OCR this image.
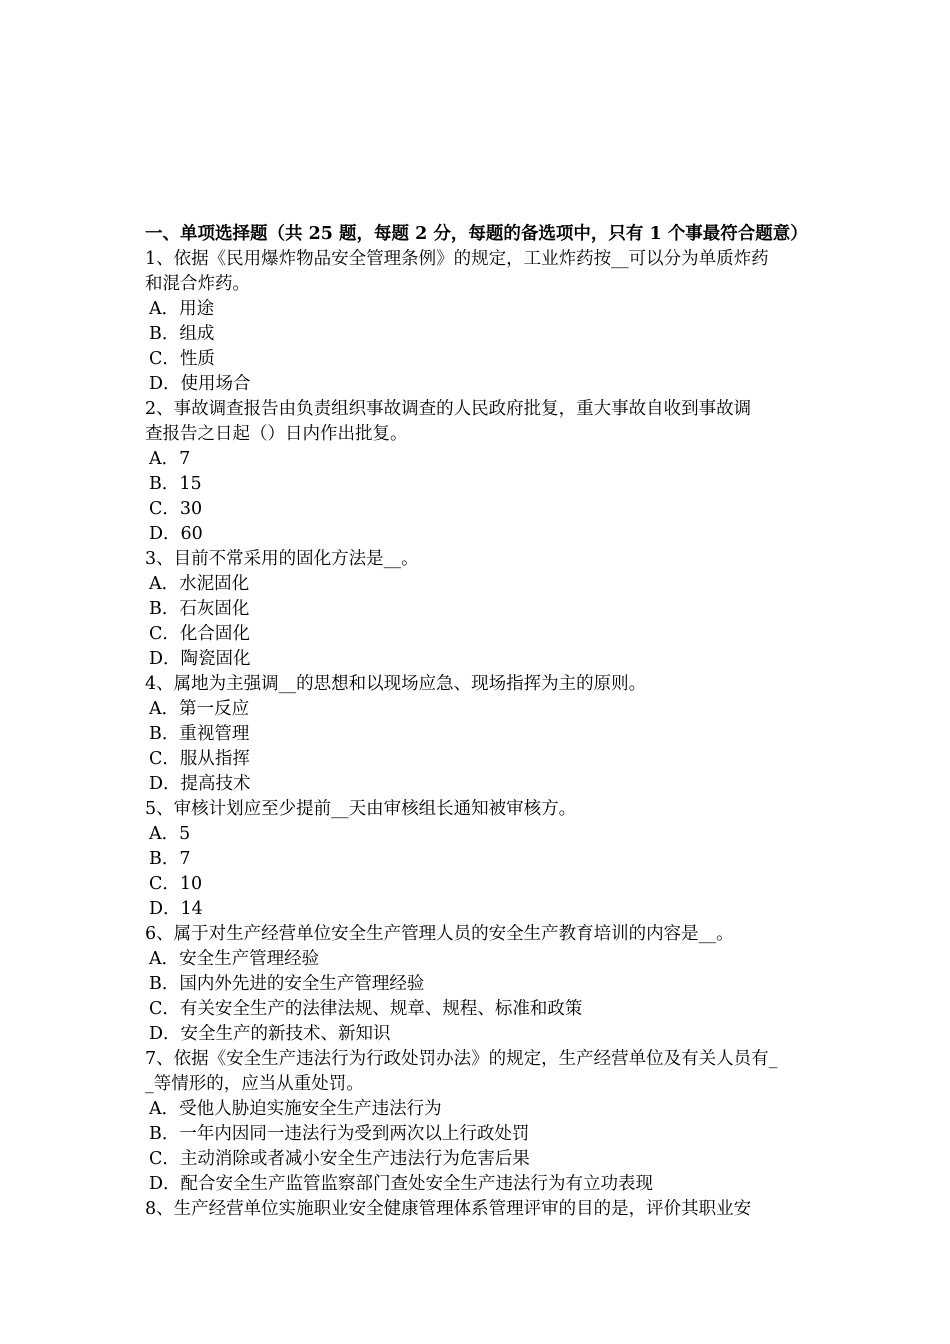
一、单项选择题（共 25 题，每题 2 分，每题的备选项中，只有 1 个事最符合题意）
1、依据《民用爆炸物品安全管理条例》的规定，工业炸药按__可以分为单质炸药
和混合炸药。
A．用途
B．组成
C．性质
D．使用场合
2、事故调查报告由负责组织事故调查的人民政府批复，重大事故自收到事故调
查报告之日起（）日内作出批复。
A．7
B．15
C．30
D．60
3、目前不常采用的固化方法是__。
A．水泥固化
B．石灰固化
C．化合固化
D．陶瓷固化
4、属地为主强调__的思想和以现场应急、现场指挥为主的原则。
A．第一反应
B．重视管理
C．服从指挥
D．提高技术
5、审核计划应至少提前__天由审核组长通知被审核方。
A．5
B．7
C．10
D．14
6、属于对生产经营单位安全生产管理人员的安全生产教育培训的内容是__。
A．安全生产管理经验
B．国内外先进的安全生产管理经验
C．有关安全生产的法律法规、规章、规程、标准和政策
D．安全生产的新技术、新知识
7、依据《安全生产违法行为行政处罚办法》的规定，生产经营单位及有关人员有_
_等情形的，应当从重处罚。
A．受他人胁迫实施安全生产违法行为
B．一年内因同一违法行为受到两次以上行政处罚
C．主动消除或者减小安全生产违法行为危害后果
D．配合安全生产监管监察部门查处安全生产违法行为有立功表现
8、生产经营单位实施职业安全健康管理体系管理评审的目的是，评价其职业安
